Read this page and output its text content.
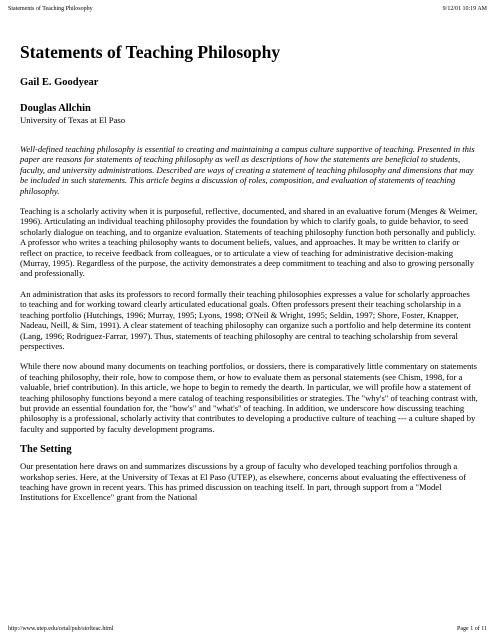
Statements of Teaching Philosophy	9/12/01 10:19 AM
Statements of Teaching Philosophy
Gail E. Goodyear
Douglas Allchin
University of Texas at El Paso

Well-defined teaching philosophy is essential to creating and maintaining a campus culture supportive of teaching. Presented in this paper are reasons for statements of teaching philosophy as well as descriptions of how the statements are beneficial to students, faculty, and university administrations. Described are ways of creating a statement of teaching philosophy and dimensions that may be included in such statements. This article begins a discussion of roles, composition, and evaluation of statements of teaching philosophy.

Teaching is a scholarly activity when it is purposeful, reflective, documented, and shared in an evaluative forum (Menges & Weimer, 1996). Articulating an individual teaching philosophy provides the foundation by which to clarify goals, to guide behavior, to seed scholarly dialogue on teaching, and to organize evaluation. Statements of teaching philosophy function both personally and publicly. A professor who writes a teaching philosophy wants to document beliefs, values, and approaches. It may be written to clarify or reflect on practice, to receive feedback from colleagues, or to articulate a view of teaching for administrative decision-making (Murray, 1995). Regardless of the purpose, the activity demonstrates a deep commitment to teaching and also to growing personally and professionally.

An administration that asks its professors to record formally their teaching philosophies expresses a value for scholarly approaches to teaching and for working toward clearly articulated educational goals. Often professors present their teaching scholarship in a teaching portfolio (Hutchings, 1996; Murray, 1995; Lyons, 1998; O'Neil & Wright, 1995; Seldin, 1997; Shore, Foster, Knapper, Nadeau, Neill, & Sim, 1991). A clear statement of teaching philosophy can organize such a portfolio and help determine its content (Lang, 1996; Rodriguez-Farrar, 1997). Thus, statements of teaching philosophy are central to teaching scholarship from several perspectives.

While there now abound many documents on teaching portfolios, or dossiers, there is comparatively little commentary on statements of teaching philosophy, their role, how to compose them, or how to evaluate them as personal statements (see Chism, 1998, for a valuable, brief contribution). In this article, we hope to begin to remedy the dearth. In particular, we will profile how a statement of teaching philosophy functions beyond a mere catalog of teaching responsibilities or strategies. The "why's" of teaching contrast with, but provide an essential foundation for, the "how's" and "what's" of teaching. In addition, we underscore how discussing teaching philosophy is a professional, scholarly activity that contributes to developing a productive culture of teaching --- a culture shaped by faculty and supported by faculty development programs.

The Setting

Our presentation here draws on and summarizes discussions by a group of faculty who developed teaching portfolios through a workshop series. Here, at the University of Texas at El Paso (UTEP), as elsewhere, concerns about evaluating the effectiveness of teaching have grown in recent years. This has primed discussion on teaching itself. In part, through support from a "Model Institutions for Excellence" grant from the National

http://www.utep.edu/cetal/pub/stofteac.html	Page 1 of 11
